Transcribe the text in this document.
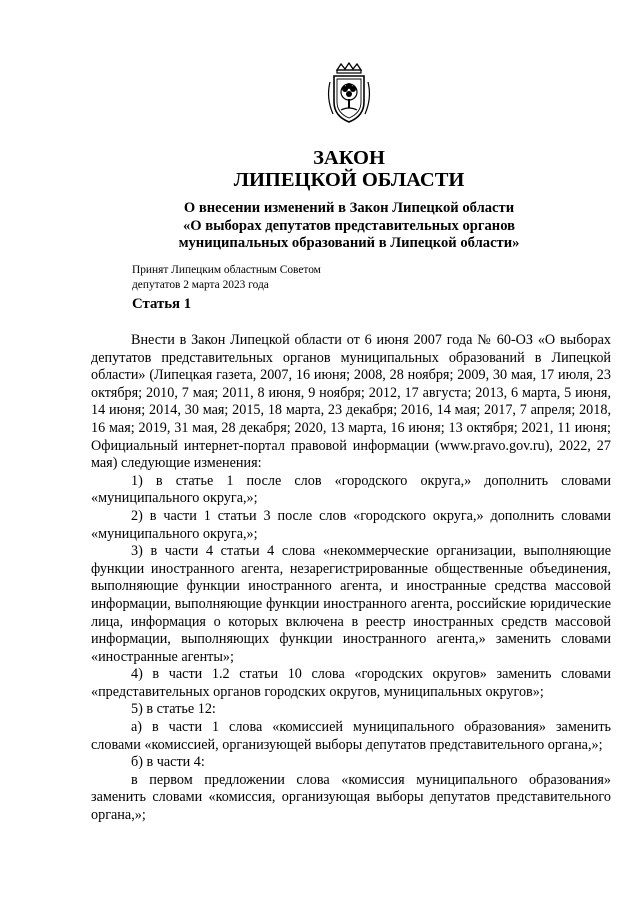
ЗАКОН
ЛИПЕЦКОЙ ОБЛАСТИ
О внесении изменений в Закон Липецкой области
«О выборах депутатов представительных органов
муниципальных образований в Липецкой области»
Принят Липецким областным Советом
депутатов 2 марта 2023 года
Статья 1

Внести в Закон Липецкой области от 6 июня 2007 года № 60-ОЗ «О выборах депутатов представительных органов муниципальных образований в Липецкой области» (Липецкая газета, 2007, 16 июня; 2008, 28 ноября; 2009, 30 мая, 17 июля, 23 октября; 2010, 7 мая; 2011, 8 июня, 9 ноября; 2012, 17 августа; 2013, 6 марта, 5 июня, 14 июня; 2014, 30 мая; 2015, 18 марта, 23 декабря; 2016, 14 мая; 2017, 7 апреля; 2018, 16 мая; 2019, 31 мая, 28 декабря; 2020, 13 марта, 16 июня; 13 октября; 2021, 11 июня; Официальный интернет-портал правовой информации (www.pravo.gov.ru), 2022, 27 мая) следующие изменения:

1) в статье 1 после слов «городского округа,» дополнить словами «муниципального округа,»;

2) в части 1 статьи 3 после слов «городского округа,» дополнить словами «муниципального округа,»;

3) в части 4 статьи 4 слова «некоммерческие организации, выполняющие функции иностранного агента, незарегистрированные общественные объединения, выполняющие функции иностранного агента, и иностранные средства массовой информации, выполняющие функции иностранного агента, российские юридические лица, информация о которых включена в реестр иностранных средств массовой информации, выполняющих функции иностранного агента,» заменить словами «иностранные агенты»;

4) в части 1.2 статьи 10 слова «городских округов» заменить словами «представительных органов городских округов, муниципальных округов»;

5) в статье 12:

а) в части 1 слова «комиссией муниципального образования» заменить словами «комиссией, организующей выборы депутатов представительного органа,»;

б) в части 4:

в первом предложении слова «комиссия муниципального образования» заменить словами «комиссия, организующая выборы депутатов представительного органа,»;
